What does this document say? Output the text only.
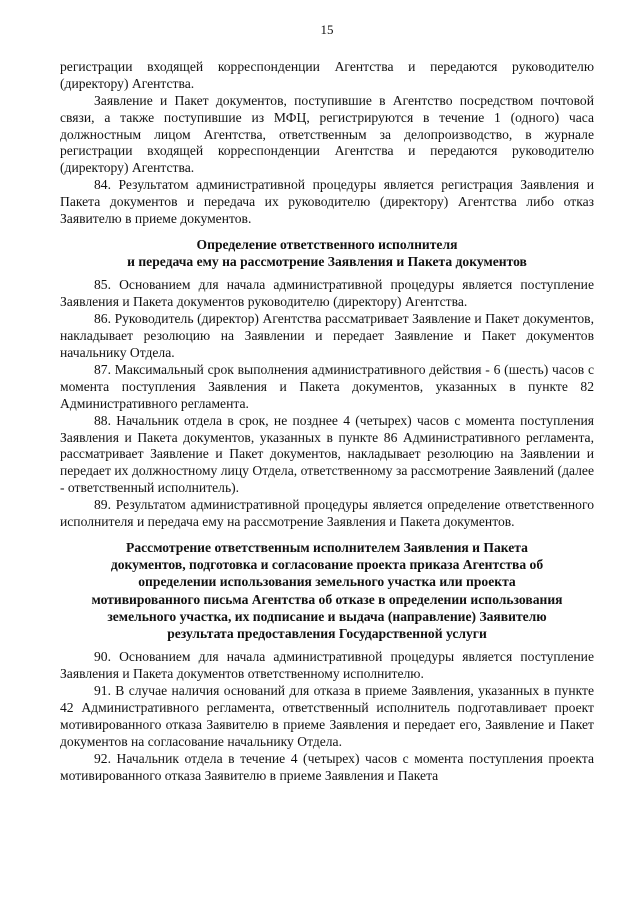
15

регистрации входящей корреспонденции Агентства и передаются руководителю (директору) Агентства.

Заявление и Пакет документов, поступившие в Агентство посредством почтовой связи, а также поступившие из МФЦ, регистрируются в течение 1 (одного) часа должностным лицом Агентства, ответственным за делопроизводство, в журнале регистрации входящей корреспонденции Агентства и передаются руководителю (директору) Агентства.

84. Результатом административной процедуры является регистрация Заявления и Пакета документов и передача их руководителю (директору) Агентства либо отказ Заявителю в приеме документов.

Определение ответственного исполнителя
и передача ему на рассмотрение Заявления и Пакета документов

85. Основанием для начала административной процедуры является поступление Заявления и Пакета документов руководителю (директору) Агентства.

86. Руководитель (директор) Агентства рассматривает Заявление и Пакет документов, накладывает резолюцию на Заявлении и передает Заявление и Пакет документов начальнику Отдела.

87. Максимальный срок выполнения административного действия - 6 (шесть) часов с момента поступления Заявления и Пакета документов, указанных в пункте 82 Административного регламента.

88. Начальник отдела в срок, не позднее 4 (четырех) часов с момента поступления Заявления и Пакета документов, указанных в пункте 86 Административного регламента, рассматривает Заявление и Пакет документов, накладывает резолюцию на Заявлении и передает их должностному лицу Отдела, ответственному за рассмотрение Заявлений (далее - ответственный исполнитель).

89. Результатом административной процедуры является определение ответственного исполнителя и передача ему на рассмотрение Заявления и Пакета документов.

Рассмотрение ответственным исполнителем Заявления и Пакета
документов, подготовка и согласование проекта приказа Агентства об
определении использования земельного участка или проекта
мотивированного письма Агентства об отказе в определении использования
земельного участка, их подписание и выдача (направление) Заявителю
результата предоставления Государственной услуги

90. Основанием для начала административной процедуры является поступление Заявления и Пакета документов ответственному исполнителю.

91. В случае наличия оснований для отказа в приеме Заявления, указанных в пункте 42 Административного регламента, ответственный исполнитель подготавливает проект мотивированного отказа Заявителю в приеме Заявления и передает его, Заявление и Пакет документов на согласование начальнику Отдела.

92. Начальник отдела в течение 4 (четырех) часов с момента поступления проекта мотивированного отказа Заявителю в приеме Заявления и Пакета
